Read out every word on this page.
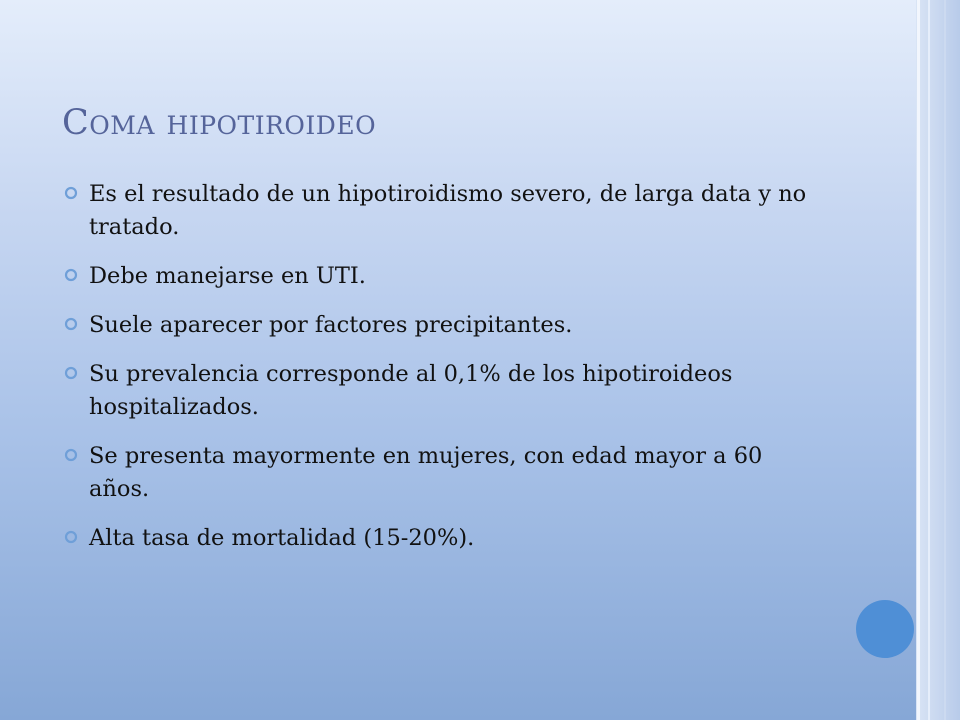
Coma hipotiroideo
Es el resultado de un hipotiroidismo severo, de larga data y no tratado.
Debe manejarse en UTI.
Suele aparecer por factores precipitantes.
Su prevalencia corresponde al 0,1% de los hipotiroideos hospitalizados.
Se presenta mayormente en mujeres, con edad mayor a 60 años.
Alta tasa de mortalidad (15-20%).
